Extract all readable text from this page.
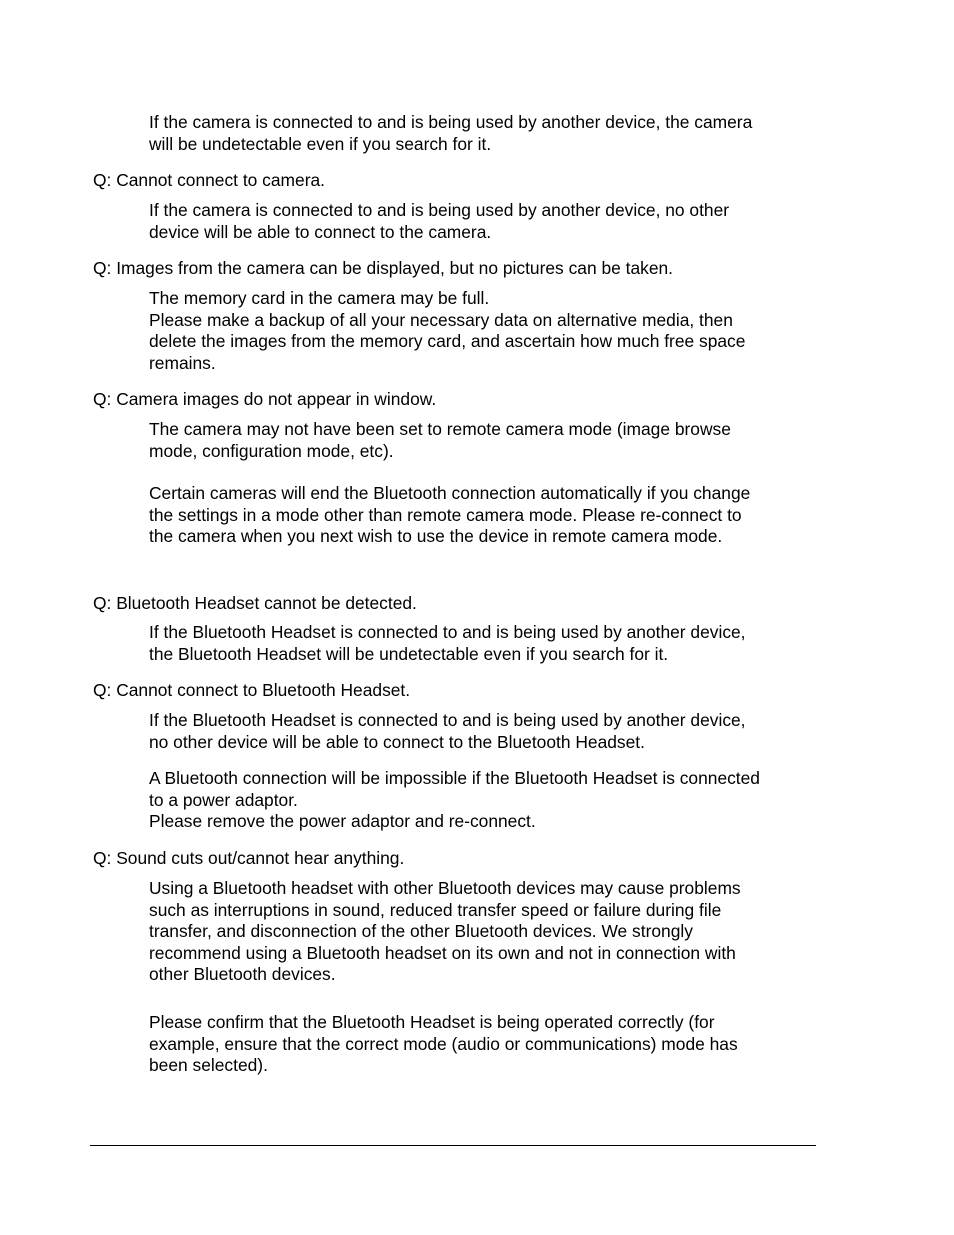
If the camera is connected to and is being used by another device, the camera
will be undetectable even if you search for it.

Q: Cannot connect to camera.

If the camera is connected to and is being used by another device, no other
device will be able to connect to the camera.

Q: Images from the camera can be displayed, but no pictures can be taken.

The memory card in the camera may be full.
Please make a backup of all your necessary data on alternative media, then
delete the images from the memory card, and ascertain how much free space
remains.

Q: Camera images do not appear in window.

The camera may not have been set to remote camera mode (image browse
mode, configuration mode, etc).

Certain cameras will end the Bluetooth connection automatically if you change
the settings in a mode other than remote camera mode. Please re-connect to
the camera when you next wish to use the device in remote camera mode.

Q: Bluetooth Headset cannot be detected.

If the Bluetooth Headset is connected to and is being used by another device,
the Bluetooth Headset will be undetectable even if you search for it.

Q: Cannot connect to Bluetooth Headset.

If the Bluetooth Headset is connected to and is being used by another device,
no other device will be able to connect to the Bluetooth Headset.

A Bluetooth connection will be impossible if the Bluetooth Headset is connected
to a power adaptor.
Please remove the power adaptor and re-connect.

Q: Sound cuts out/cannot hear anything.

Using a Bluetooth headset with other Bluetooth devices may cause problems
such as interruptions in sound, reduced transfer speed or failure during file
transfer, and disconnection of the other Bluetooth devices. We strongly
recommend using a Bluetooth headset on its own and not in connection with
other Bluetooth devices.

Please confirm that the Bluetooth Headset is being operated correctly (for
example, ensure that the correct mode (audio or communications) mode has
been selected).
